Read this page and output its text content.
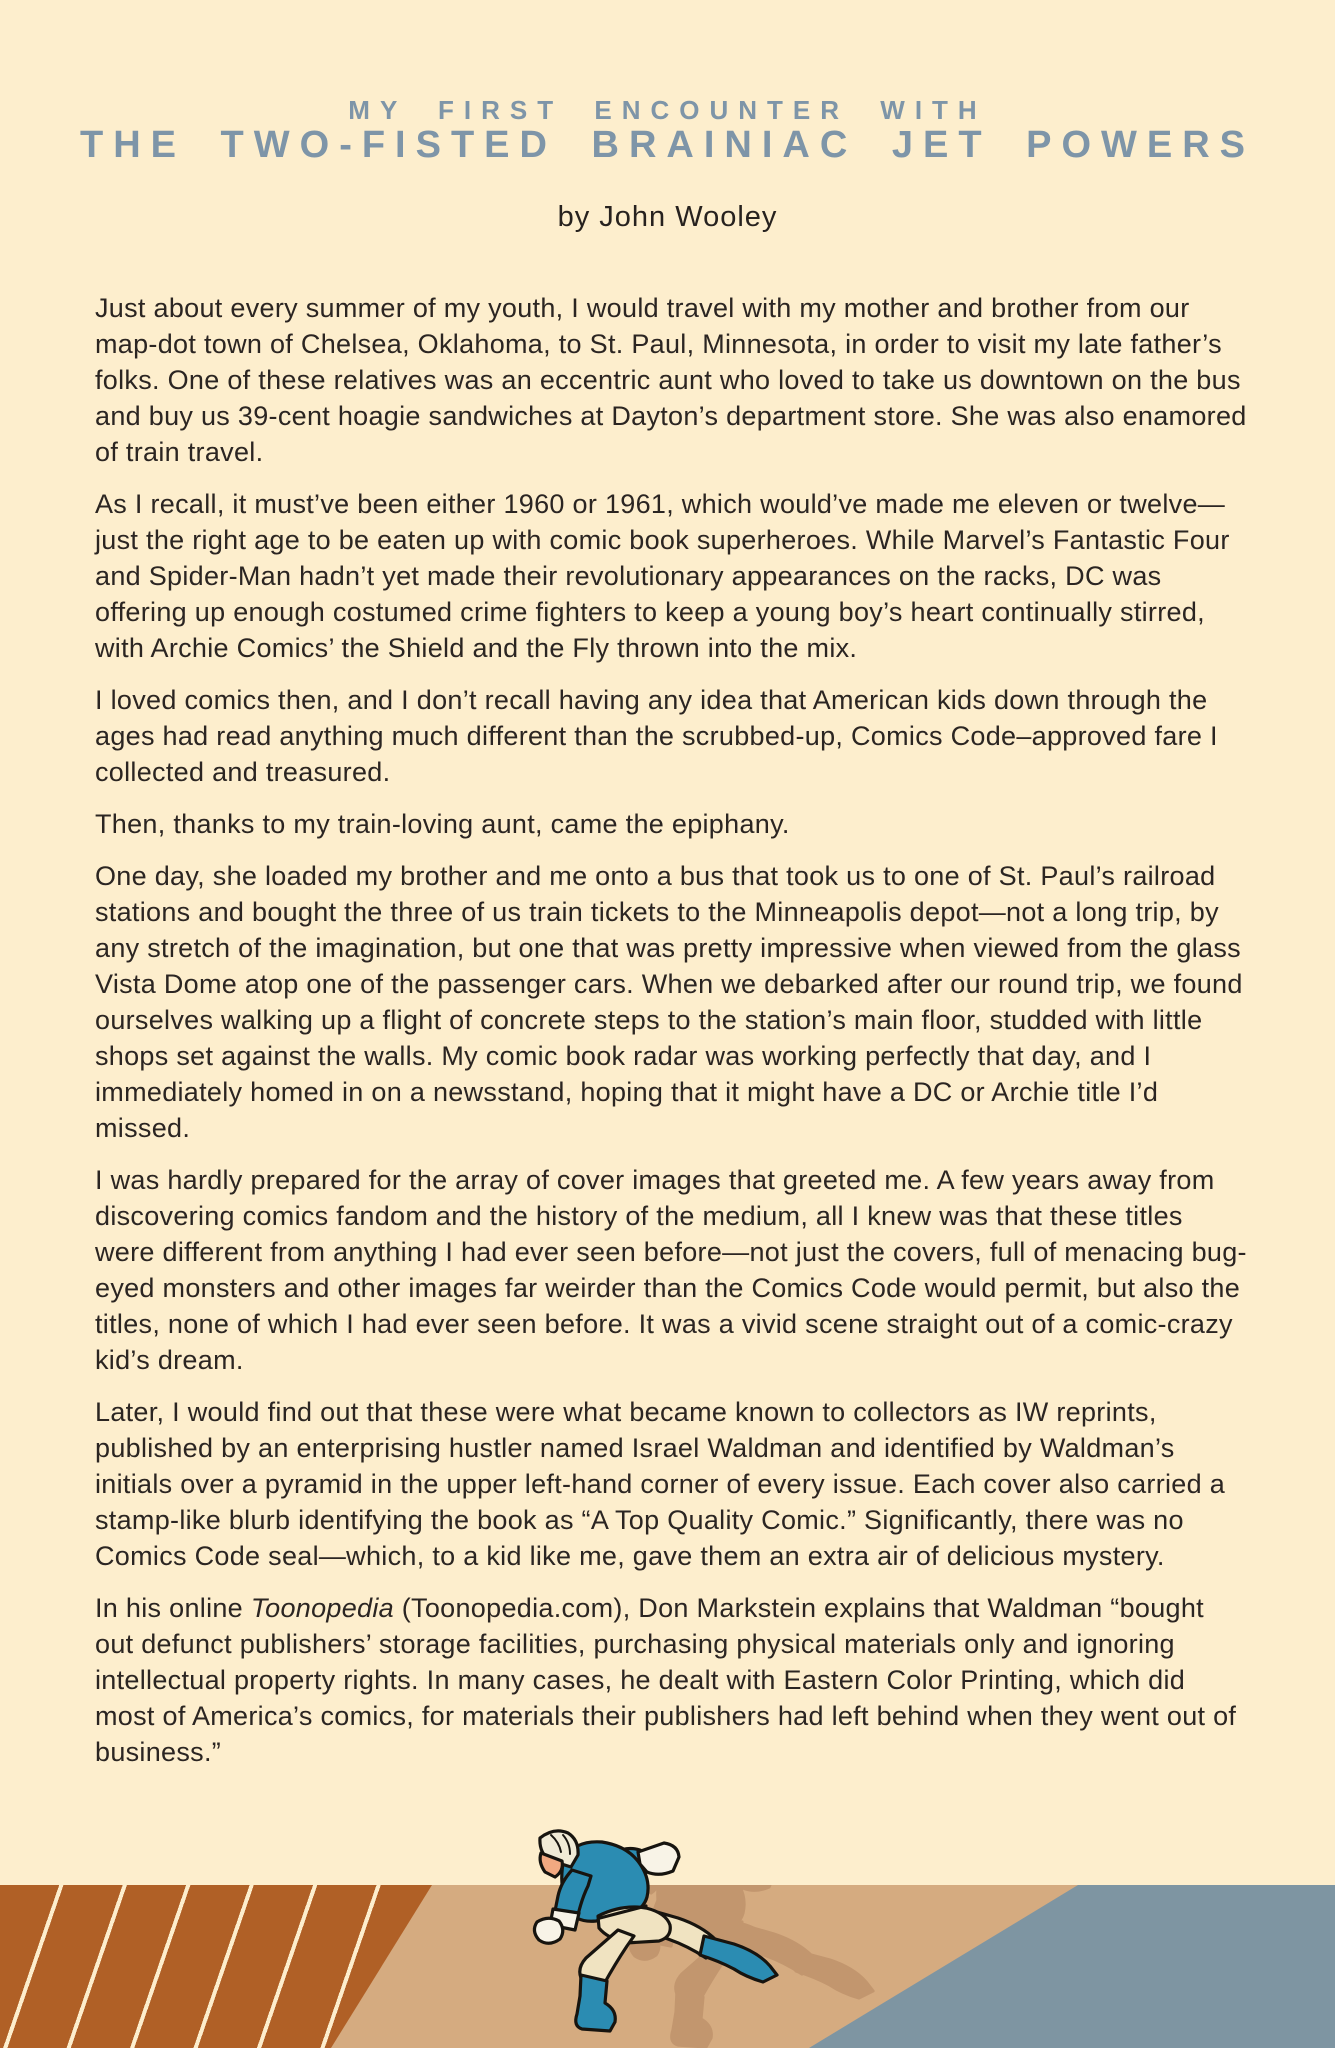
MY FIRST ENCOUNTER WITH
THE TWO-FISTED BRAINIAC JET POWERS
by John Wooley

Just about every summer of my youth, I would travel with my mother and brother from our map-dot town of Chelsea, Oklahoma, to St. Paul, Minnesota, in order to visit my late father’s folks. One of these relatives was an eccentric aunt who loved to take us downtown on the bus and buy us 39-cent hoagie sandwiches at Dayton’s department store. She was also enamored of train travel.

As I recall, it must’ve been either 1960 or 1961, which would’ve made me eleven or twelve—just the right age to be eaten up with comic book superheroes. While Marvel’s Fantastic Four and Spider-Man hadn’t yet made their revolutionary appearances on the racks, DC was offering up enough costumed crime fighters to keep a young boy’s heart continually stirred, with Archie Comics’ the Shield and the Fly thrown into the mix.

I loved comics then, and I don’t recall having any idea that American kids down through the ages had read anything much different than the scrubbed-up, Comics Code–approved fare I collected and treasured.

Then, thanks to my train-loving aunt, came the epiphany.

One day, she loaded my brother and me onto a bus that took us to one of St. Paul’s railroad stations and bought the three of us train tickets to the Minneapolis depot—not a long trip, by any stretch of the imagination, but one that was pretty impressive when viewed from the glass Vista Dome atop one of the passenger cars. When we debarked after our round trip, we found ourselves walking up a flight of concrete steps to the station’s main floor, studded with little shops set against the walls. My comic book radar was working perfectly that day, and I immediately homed in on a newsstand, hoping that it might have a DC or Archie title I’d missed.

I was hardly prepared for the array of cover images that greeted me. A few years away from discovering comics fandom and the history of the medium, all I knew was that these titles were different from anything I had ever seen before—not just the covers, full of menacing bug-eyed monsters and other images far weirder than the Comics Code would permit, but also the titles, none of which I had ever seen before. It was a vivid scene straight out of a comic-crazy kid’s dream.

Later, I would find out that these were what became known to collectors as IW reprints, published by an enterprising hustler named Israel Waldman and identified by Waldman’s initials over a pyramid in the upper left-hand corner of every issue. Each cover also carried a stamp-like blurb identifying the book as “A Top Quality Comic.” Significantly, there was no Comics Code seal—which, to a kid like me, gave them an extra air of delicious mystery.

In his online Toonopedia (Toonopedia.com), Don Markstein explains that Waldman “bought out defunct publishers’ storage facilities, purchasing physical materials only and ignoring intellectual property rights. In many cases, he dealt with Eastern Color Printing, which did most of America’s comics, for materials their publishers had left behind when they went out of business.”
